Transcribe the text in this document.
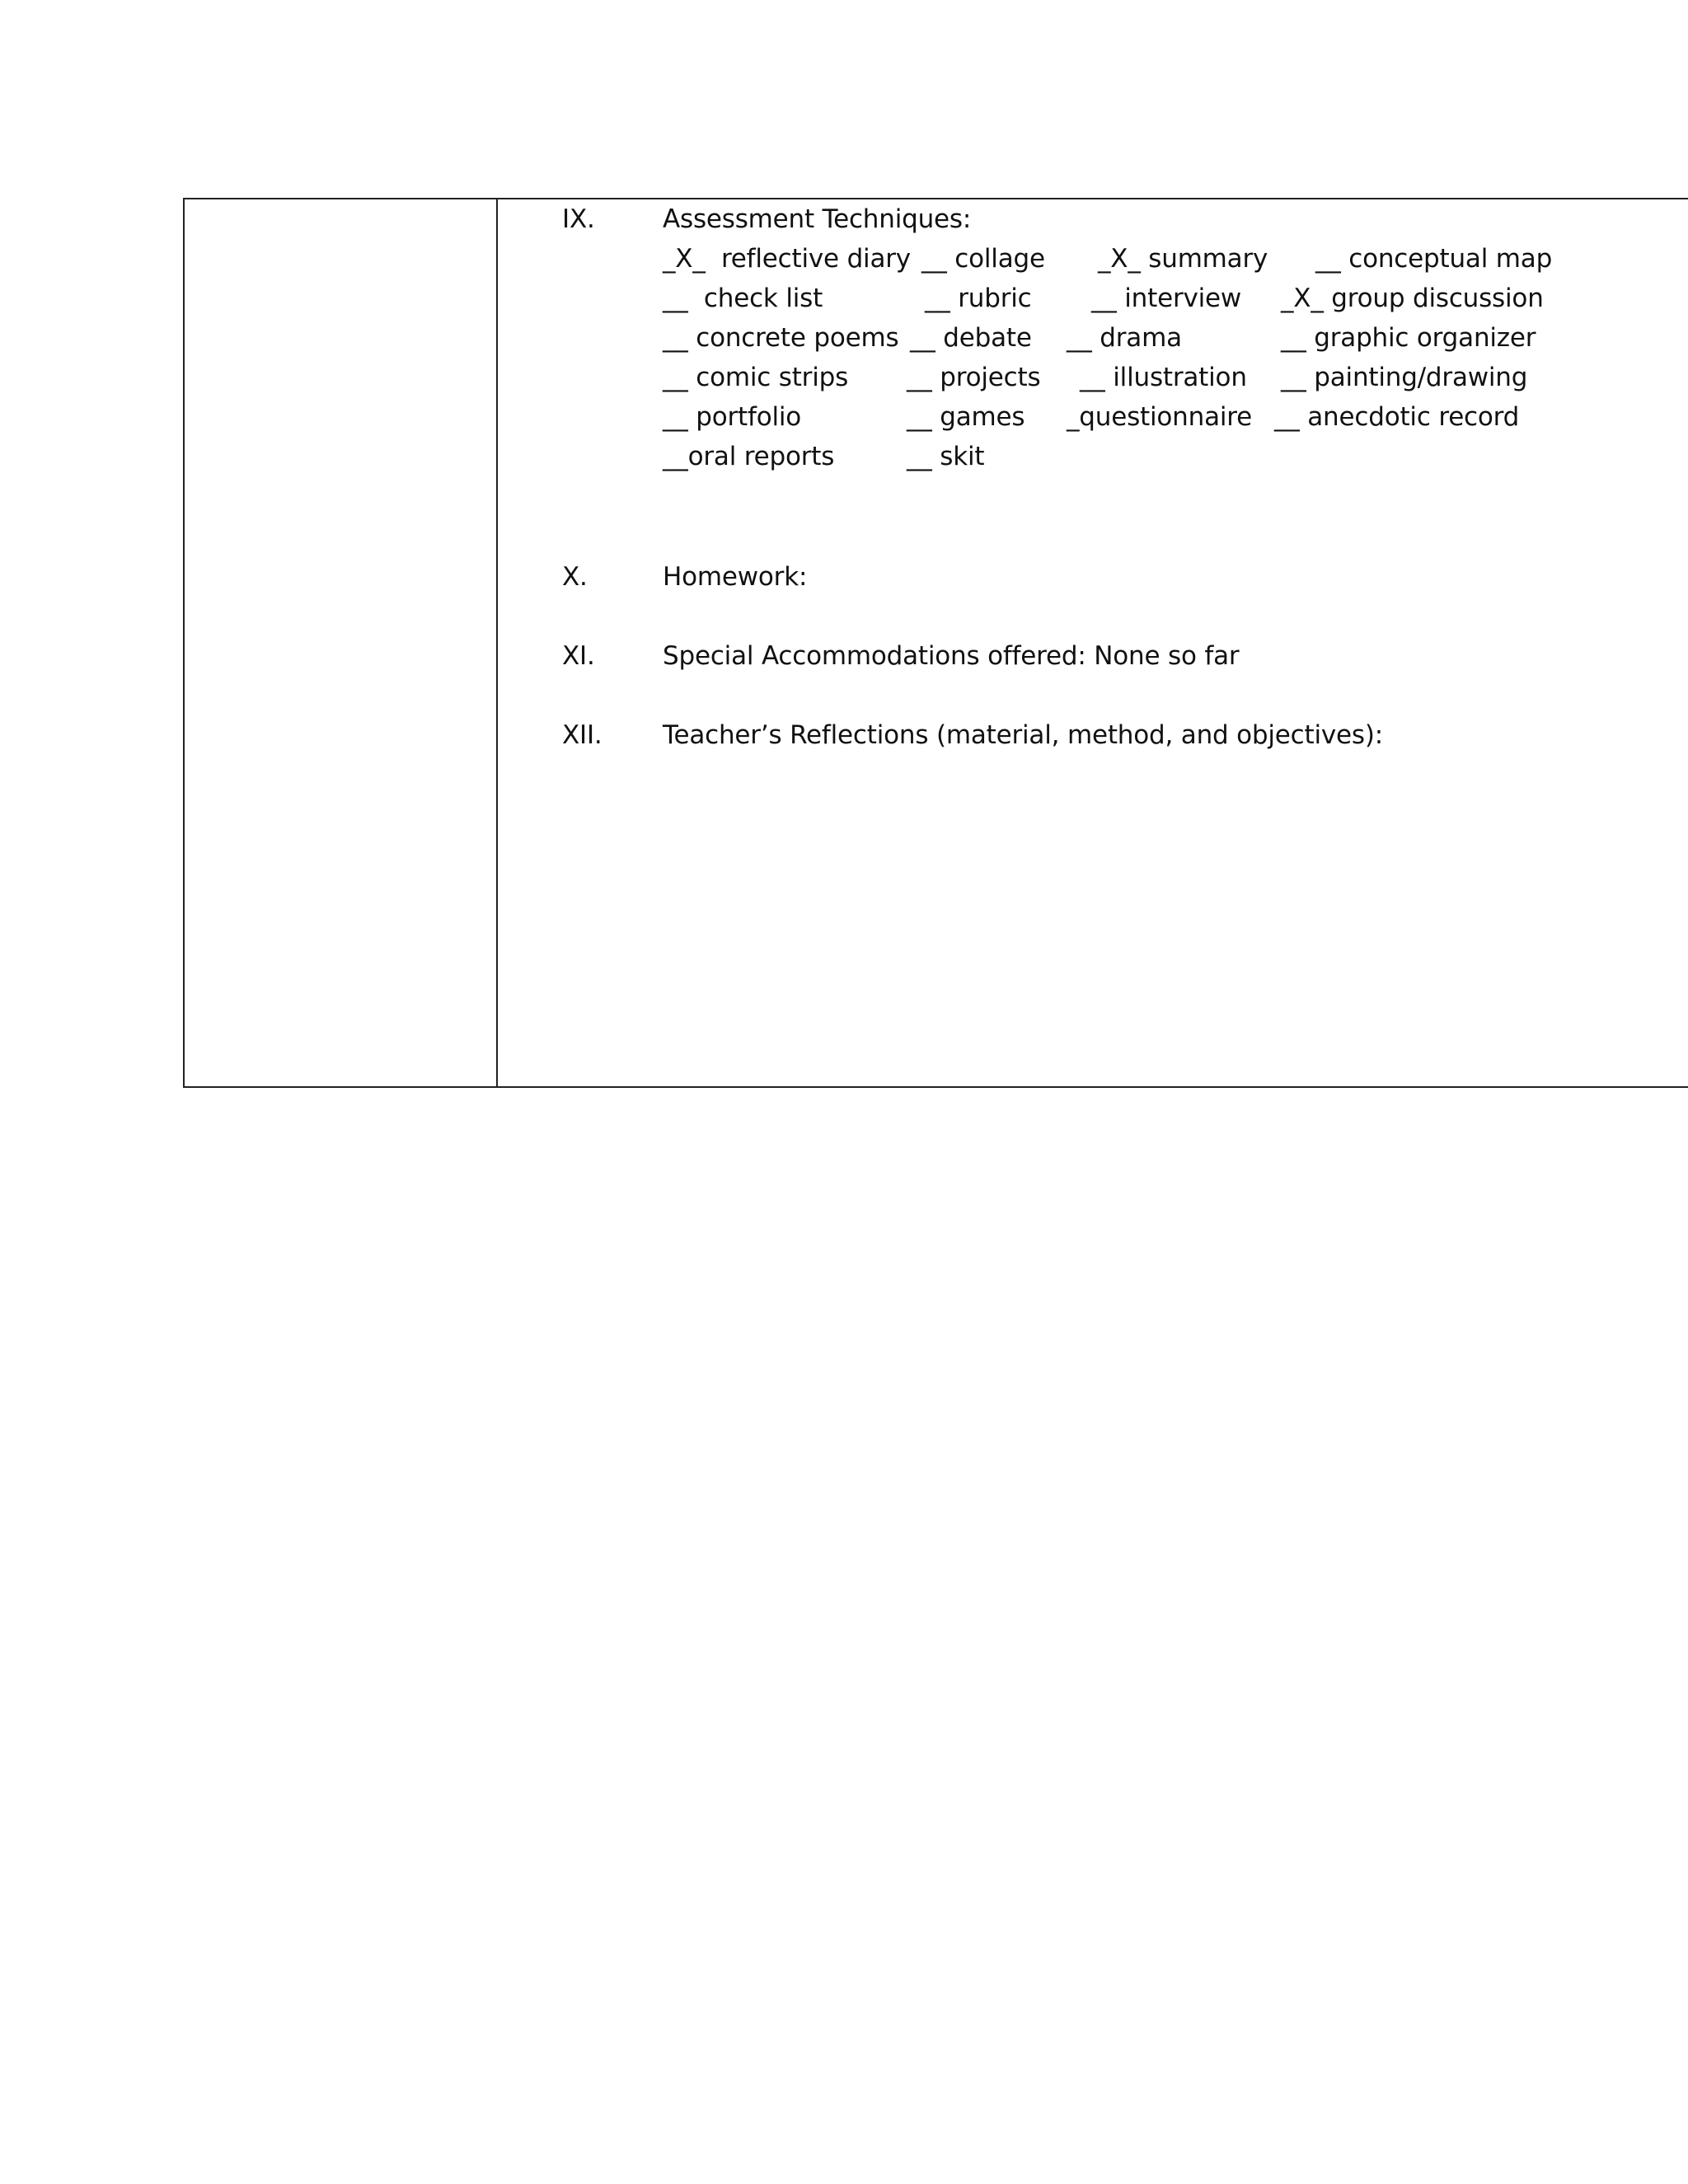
IX.	Assessment Techniques:
_X_  reflective diary __ collage _X_ summary __ conceptual map
__  check list	__ rubric __ interview _X_ group discussion
__ concrete poems __ debate __ drama	__ graphic organizer
__ comic strips __ projects __ illustration __ painting/drawing
__ portfolio	__ games _questionnaire __ anecdotic record
__oral reports	__ skit
X.	Homework:
XI.	Special Accommodations offered: None so far
XII. Teacher’s Reflections (material, method, and objectives):
